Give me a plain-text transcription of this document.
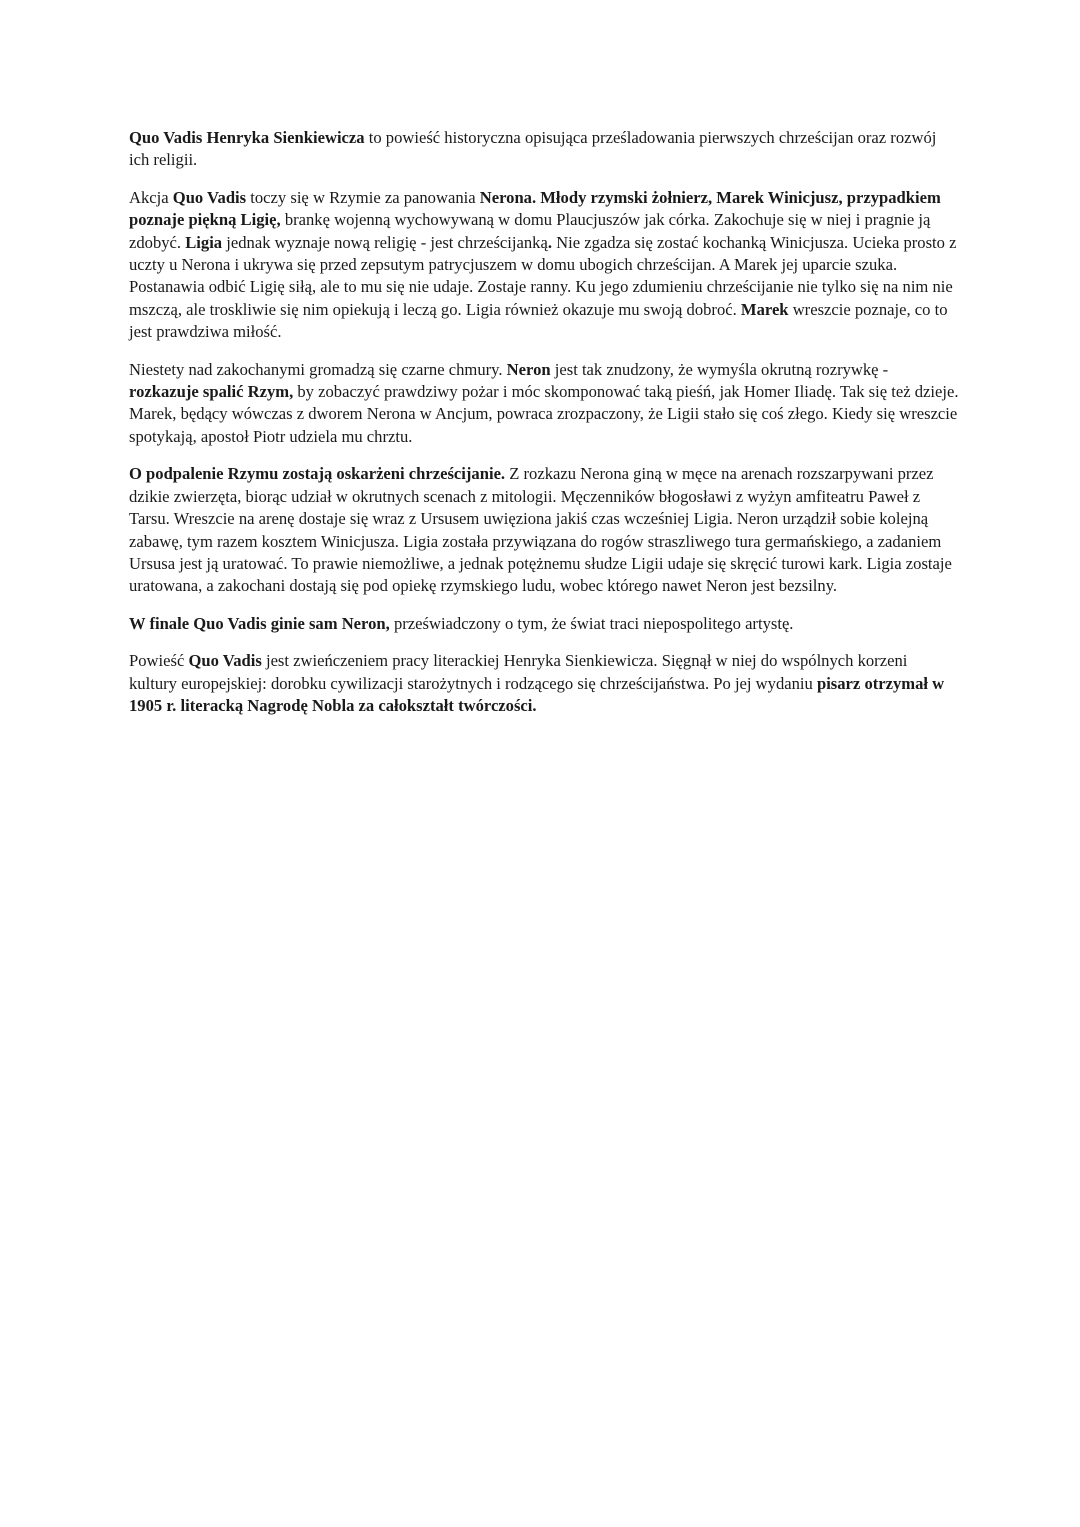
Quo Vadis Henryka Sienkiewicza to powieść historyczna opisująca prześladowania pierwszych chrześcijan oraz rozwój ich religii.

Akcja Quo Vadis toczy się w Rzymie za panowania Nerona. Młody rzymski żołnierz, Marek Winicjusz, przypadkiem poznaje piękną Ligię, brankę wojenną wychowywaną w domu Plaucjuszów jak córka. Zakochuje się w niej i pragnie ją zdobyć. Ligia jednak wyznaje nową religię - jest chrześcijanką. Nie zgadza się zostać kochanką Winicjusza. Ucieka prosto z uczty u Nerona i ukrywa się przed zepsutym patrycjuszem w domu ubogich chrześcijan. A Marek jej uparcie szuka. Postanawia odbić Ligię siłą, ale to mu się nie udaje. Zostaje ranny. Ku jego zdumieniu chrześcijanie nie tylko się na nim nie mszczą, ale troskliwie się nim opiekują i leczą go. Ligia również okazuje mu swoją dobroć. Marek wreszcie poznaje, co to jest prawdziwa miłość.

Niestety nad zakochanymi gromadzą się czarne chmury. Neron jest tak znudzony, że wymyśla okrutną rozrywkę - rozkazuje spalić Rzym, by zobaczyć prawdziwy pożar i móc skomponować taką pieśń, jak Homer Iliadę. Tak się też dzieje. Marek, będący wówczas z dworem Nerona w Ancjum, powraca zrozpaczony, że Ligii stało się coś złego. Kiedy się wreszcie spotykają, apostoł Piotr udziela mu chrztu.

O podpalenie Rzymu zostają oskarżeni chrześcijanie. Z rozkazu Nerona giną w męce na arenach rozszarpywani przez dzikie zwierzęta, biorąc udział w okrutnych scenach z mitologii. Męczenników błogosławi z wyżyn amfiteatru Paweł z Tarsu. Wreszcie na arenę dostaje się wraz z Ursusem uwięziona jakiś czas wcześniej Ligia. Neron urządził sobie kolejną zabawę, tym razem kosztem Winicjusza. Ligia została przywiązana do rogów straszliwego tura germańskiego, a zadaniem Ursusa jest ją uratować. To prawie niemożliwe, a jednak potężnemu słudze Ligii udaje się skręcić turowi kark. Ligia zostaje uratowana, a zakochani dostają się pod opiekę rzymskiego ludu, wobec którego nawet Neron jest bezsilny.

W finale Quo Vadis ginie sam Neron, przeświadczony o tym, że świat traci niepospolitego artystę.

Powieść Quo Vadis jest zwieńczeniem pracy literackiej Henryka Sienkiewicza. Sięgnął w niej do wspólnych korzeni kultury europejskiej: dorobku cywilizacji starożytnych i rodzącego się chrześcijaństwa. Po jej wydaniu pisarz otrzymał w 1905 r. literacką Nagrodę Nobla za całokształt twórczości.
